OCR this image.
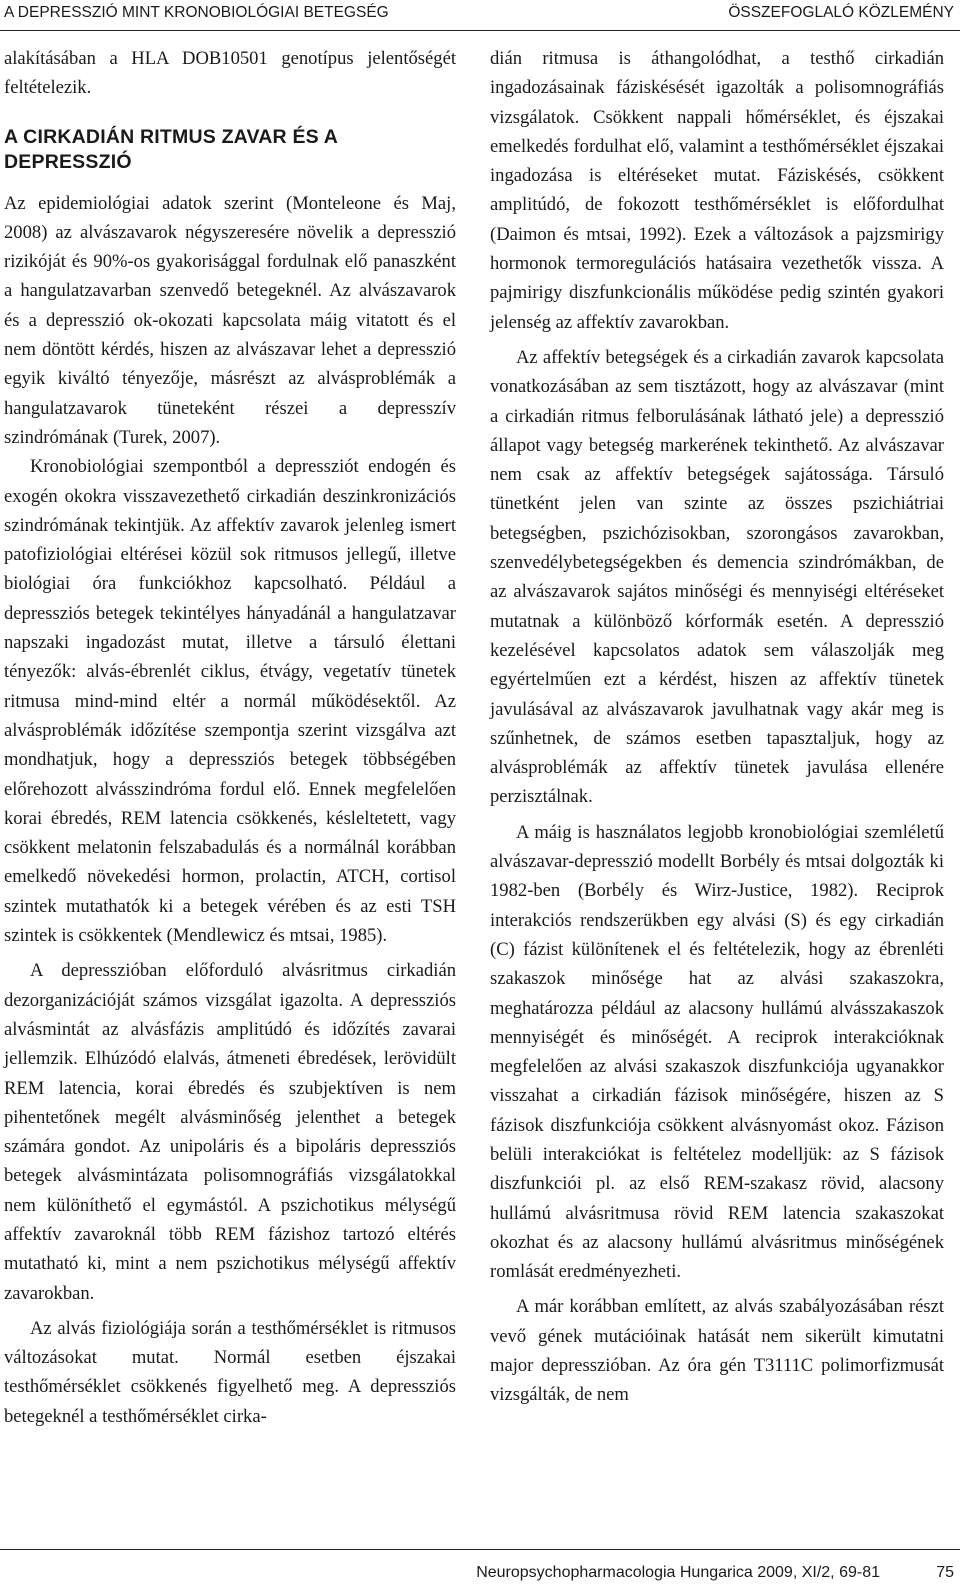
A DEPRESSZIÓ MINT KRONOBIOLÓGIAI BETEGSÉG	ÖSSZEFOGLALÓ KÖZLEMÉNY

alakításában a HLA DOB10501 genotípus jelentőségét feltételezik.

A CIRKADIÁN RITMUS ZAVAR ÉS A DEPRESSZIÓ

Az epidemiológiai adatok szerint (Monteleone és Maj, 2008) az alvászavarok négyszeresére növelik a depresszió rizikóját és 90%-os gyakorisággal fordulnak elő panaszként a hangulatzavarban szenvedő betegeknél. Az alvászavarok és a depresszió ok-okozati kapcsolata máig vitatott és el nem döntött kérdés, hiszen az alvászavar lehet a depresszió egyik kiváltó tényezője, másrészt az alvásproblémák a hangulatzavarok tüneteként részei a depresszív szindrómának (Turek, 2007).

Kronobiológiai szempontból a depressziót endogén és exogén okokra visszavezethető cirkadián deszinkronizációs szindrómának tekintjük. Az affektív zavarok jelenleg ismert patofiziológiai eltérései közül sok ritmusos jellegű, illetve biológiai óra funkciókhoz kapcsolható. Például a depressziós betegek tekintélyes hányadánál a hangulatzavar napszaki ingadozást mutat, illetve a társuló élettani tényezők: alvás-ébrenlét ciklus, étvágy, vegetatív tünetek ritmusa mind-mind eltér a normál működésektől. Az alvásproblémák időzítése szempontja szerint vizsgálva azt mondhatjuk, hogy a depressziós betegek többségében előrehozott alvásszindróma fordul elő. Ennek megfelelően korai ébredés, REM latencia csökkenés, késleltetett, vagy csökkent melatonin felszabadulás és a normálnál korábban emelkedő növekedési hormon, prolactin, ATCH, cortisol szintek mutathatók ki a betegek vérében és az esti TSH szintek is csökkentek (Mendlewicz és mtsai, 1985).

A depresszióban előforduló alvásritmus cirkadián dezorganizációját számos vizsgálat igazolta. A depressziós alvásmintát az alvásfázis amplitúdó és időzítés zavarai jellemzik. Elhúzódó elalvás, átmeneti ébredések, lerövidült REM latencia, korai ébredés és szubjektíven is nem pihentetőnek megélt alvásminőség jelenthet a betegek számára gondot. Az unipoláris és a bipoláris depressziós betegek alvásmintázata polisomnográfiás vizsgálatokkal nem különíthető el egymástól. A pszichotikus mélységű affektív zavaroknál több REM fázishoz tartozó eltérés mutatható ki, mint a nem pszichotikus mélységű affektív zavarokban.

Az alvás fiziológiája során a testhőmérséklet is ritmusos változásokat mutat. Normál esetben éjszakai testhőmérséklet csökkenés figyelhető meg. A depressziós betegeknél a testhőmérséklet cirka-

dián ritmusa is áthangolódhat, a testhő cirkadián ingadozásainak fáziskésését igazolták a polisomnográfiás vizsgálatok. Csökkent nappali hőmérséklet, és éjszakai emelkedés fordulhat elő, valamint a testhőmérséklet éjszakai ingadozása is eltéréseket mutat. Fáziskésés, csökkent amplitúdó, de fokozott testhőmérséklet is előfordulhat (Daimon és mtsai, 1992). Ezek a változások a pajzsmirigy hormonok termoregulációs hatásaira vezethetők vissza. A pajmirigy diszfunkcionális működése pedig szintén gyakori jelenség az affektív zavarokban.

Az affektív betegségek és a cirkadián zavarok kapcsolata vonatkozásában az sem tisztázott, hogy az alvászavar (mint a cirkadián ritmus felborulásának látható jele) a depresszió állapot vagy betegség markerének tekinthető. Az alvászavar nem csak az affektív betegségek sajátossága. Társuló tünetként jelen van szinte az összes pszichiátriai betegségben, pszichózisokban, szorongásos zavarokban, szenvedélybetegségekben és demencia szindrómákban, de az alvászavarok sajátos minőségi és mennyiségi eltéréseket mutatnak a különböző kórformák esetén. A depresszió kezelésével kapcsolatos adatok sem válaszolják meg egyértelműen ezt a kérdést, hiszen az affektív tünetek javulásával az alvászavarok javulhatnak vagy akár meg is szűnhetnek, de számos esetben tapasztaljuk, hogy az alvásproblémák az affektív tünetek javulása ellenére perzisztálnak.

A máig is használatos legjobb kronobiológiai szemléletű alvászavar-depresszió modellt Borbély és mtsai dolgozták ki 1982-ben (Borbély és Wirz-Justice, 1982). Reciprok interakciós rendszerükben egy alvási (S) és egy cirkadián (C) fázist különítenek el és feltételezik, hogy az ébrenléti szakaszok minősége hat az alvási szakaszokra, meghatározza például az alacsony hullámú alvásszakaszok mennyiségét és minőségét. A reciprok interakcióknak megfelelően az alvási szakaszok diszfunkciója ugyanakkor visszahat a cirkadián fázisok minőségére, hiszen az S fázisok diszfunkciója csökkent alvásnyomást okoz. Fázison belüli interakciókat is feltételez modelljük: az S fázisok diszfunkciói pl. az első REM-szakasz rövid, alacsony hullámú alvásritmusa rövid REM latencia szakaszokat okozhat és az alacsony hullámú alvásritmus minőségének romlását eredményezheti.

A már korábban említett, az alvás szabályozásában részt vevő gének mutációinak hatását nem sikerült kimutatni major depresszióban. Az óra gén T3111C polimorfizmusát vizsgálták, de nem

Neuropsychopharmacologia Hungarica 2009, XI/2, 69-81	75
